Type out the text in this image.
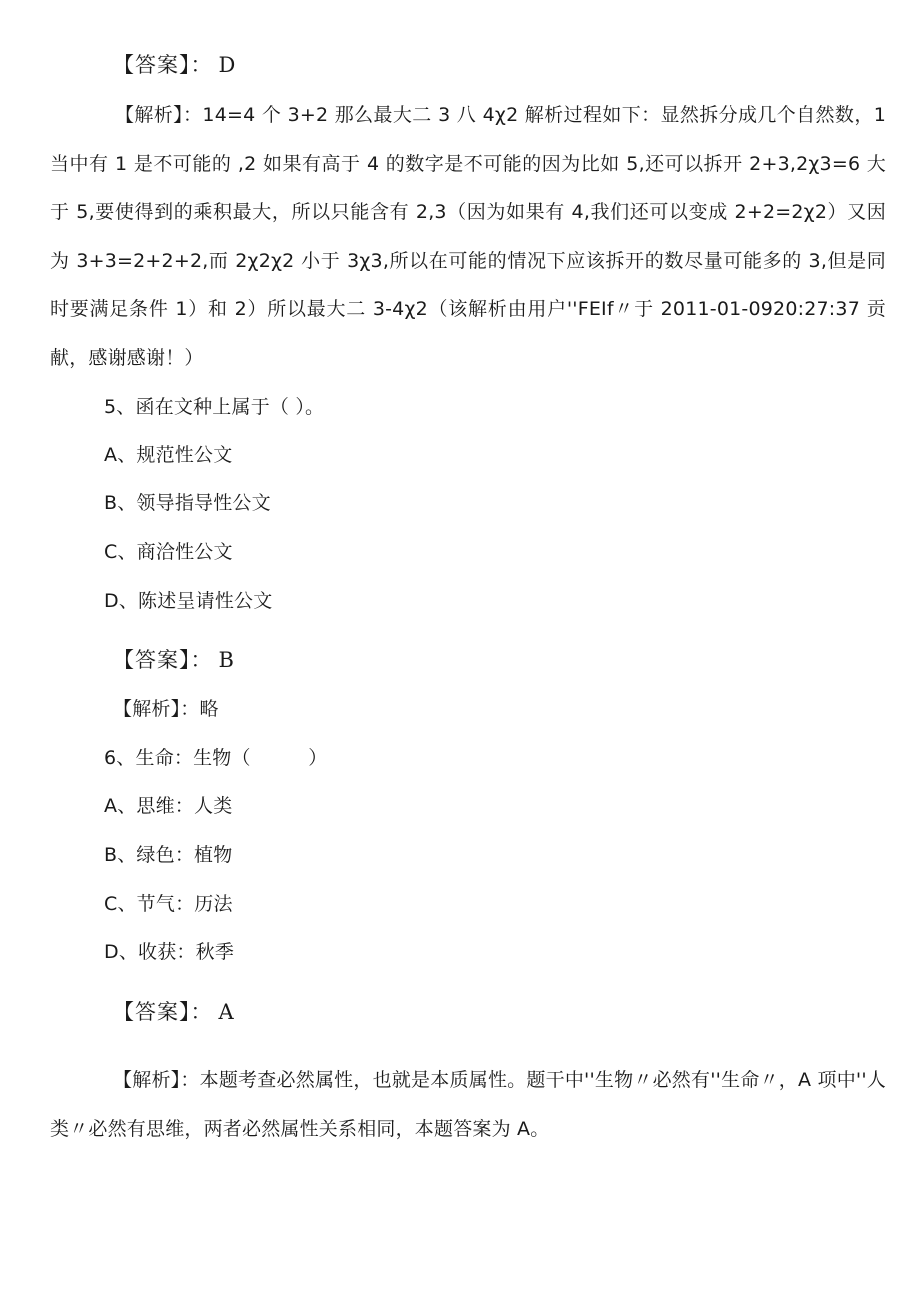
【答案】： D
【解析】：14=4 个 3+2 那么最大二 3 八 4χ2 解析过程如下：显然拆分成几个自然数，1 当中有 1 是不可能的 ,2 如果有高于 4 的数字是不可能的因为比如 5,还可以拆开 2+3,2χ3=6 大于 5,要使得到的乘积最大，所以只能含有 2,3（因为如果有 4,我们还可以变成 2+2=2χ2）又因为 3+3=2+2+2,而 2χ2χ2 小于 3χ3,所以在可能的情况下应该拆开的数尽量可能多的 3,但是同时要满足条件 1）和 2）所以最大二 3-4χ2（该解析由用户''FEIf〃于 2011-01-0920:27:37 贡献，感谢感谢！）
5、函在文种上属于（ ）。
A、规范性公文
B、领导指导性公文
C、商洽性公文
D、陈述呈请性公文
【答案】： B
【解析】：略
6、生命：生物（　　　）
A、思维：人类
B、绿色：植物
C、节气：历法
D、收获：秋季
【答案】： A
【解析】：本题考查必然属性，也就是本质属性。题干中''生物〃必然有''生命〃，A 项中''人类〃必然有思维，两者必然属性关系相同，本题答案为 A。
